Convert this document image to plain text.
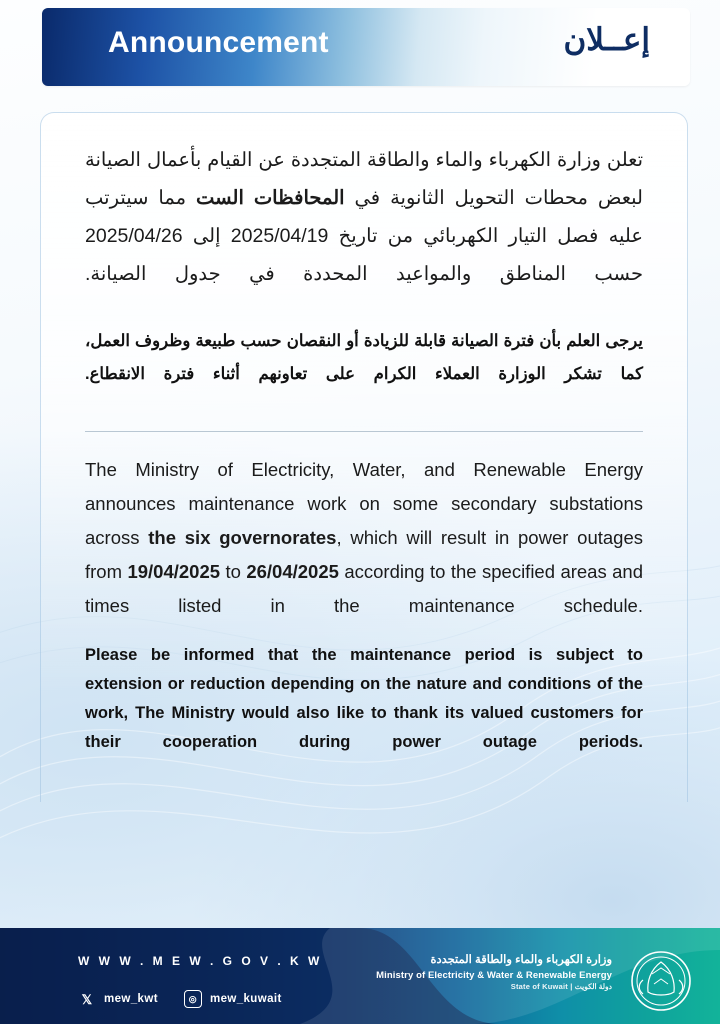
Announcement	إعــلان
تعلن وزارة الكهرباء والماء والطاقة المتجددة عن القيام بأعمال الصيانة لبعض محطات التحويل الثانوية في المحافظات الست مما سيترتب عليه فصل التيار الكهربائي من تاريخ 2025/04/19 إلى 2025/04/26 حسب المناطق والمواعيد المحددة في جدول الصيانة.
يرجى العلم بأن فترة الصيانة قابلة للزيادة أو النقصان حسب طبيعة وظروف العمل، كما تشكر الوزارة العملاء الكرام على تعاونهم أثناء فترة الانقطاع.
The Ministry of Electricity, Water, and Renewable Energy announces maintenance work on some secondary substations across the six governorates, which will result in power outages from 19/04/2025 to 26/04/2025 according to the specified areas and times listed in the maintenance schedule.
Please be informed that the maintenance period is subject to extension or reduction depending on the nature and conditions of the work, The Ministry would also like to thank its valued customers for their cooperation during power outage periods.
W W W . M E W . G O V . K W
𝕏	mew_kwt	◎	mew_kuwait
وزارة الكهرباء والماء والطاقة المتجددة
Ministry of Electricity & Water & Renewable Energy
State of Kuwait | دولة الكويت
